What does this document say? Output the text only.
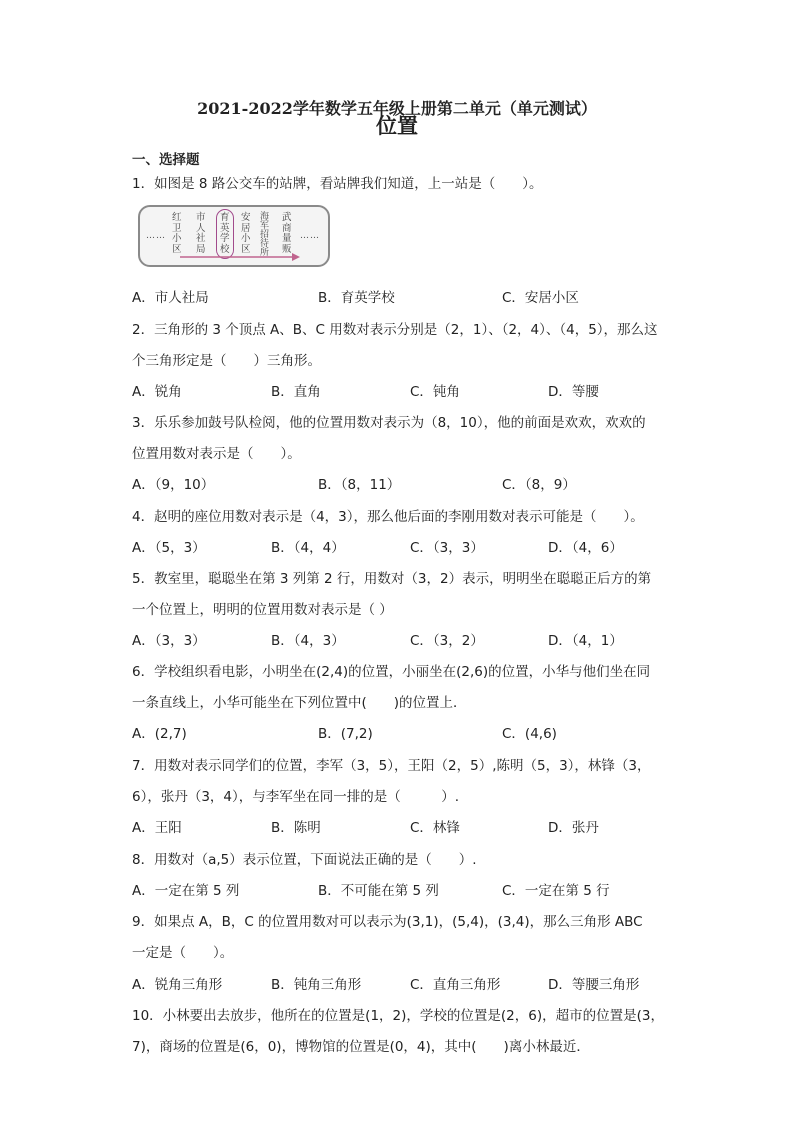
2021-2022学年数学五年级上册第二单元（单元测试）
位置
一、选择题
1．如图是 8 路公交车的站牌，看站牌我们知道，上一站是（　　）。
……
红卫小区
市人社局
育英学校
安居小区
海军招待所
武商量贩
……
A．市人社局	B．育英学校	C．安居小区
2．三角形的 3 个顶点 A、B、C 用数对表示分别是（2，1）、（2，4）、（4，5），那么这
个三角形定是（　　）三角形。
A．锐角	B．直角	C．钝角	D．等腰
3．乐乐参加鼓号队检阅，他的位置用数对表示为（8，10），他的前面是欢欢，欢欢的
位置用数对表示是（　　）。
A．（9，10）	B．（8，11）	C．（8，9）
4．赵明的座位用数对表示是（4，3），那么他后面的李刚用数对表示可能是（　　）。
A．（5，3）	B．（4，4）	C．（3，3）	D．（4，6）
5．教室里，聪聪坐在第 3 列第 2 行，用数对（3，2）表示，明明坐在聪聪正后方的第
一个位置上，明明的位置用数对表示是（ ）
A．（3，3）	B．（4，3）	C．（3，2）	D．（4，1）
6．学校组织看电影，小明坐在(2,4)的位置，小丽坐在(2,6)的位置，小华与他们坐在同
一条直线上，小华可能坐在下列位置中(　　)的位置上．
A．(2,7)	B．(7,2)	C．(4,6)
7．用数对表示同学们的位置，李军（3，5），王阳（2，5）,陈明（5，3），林锋（3，
6），张丹（3，4），与李军坐在同一排的是（　　　）.
A．王阳	B．陈明	C．林锋	D．张丹
8．用数对（a,5）表示位置，下面说法正确的是（　　）.
A．一定在第 5 列	B．不可能在第 5 列	C．一定在第 5 行
9．如果点 A，B，C 的位置用数对可以表示为(3,1)，(5,4)，(3,4)，那么三角形 ABC
一定是（　　）。
A．锐角三角形	B．钝角三角形	C．直角三角形	D．等腰三角形
10．小林要出去放步，他所在的位置是(1，2)，学校的位置是(2，6)，超市的位置是(3，
7)，商场的位置是(6，0)，博物馆的位置是(0，4)，其中(　　)离小林最近．
